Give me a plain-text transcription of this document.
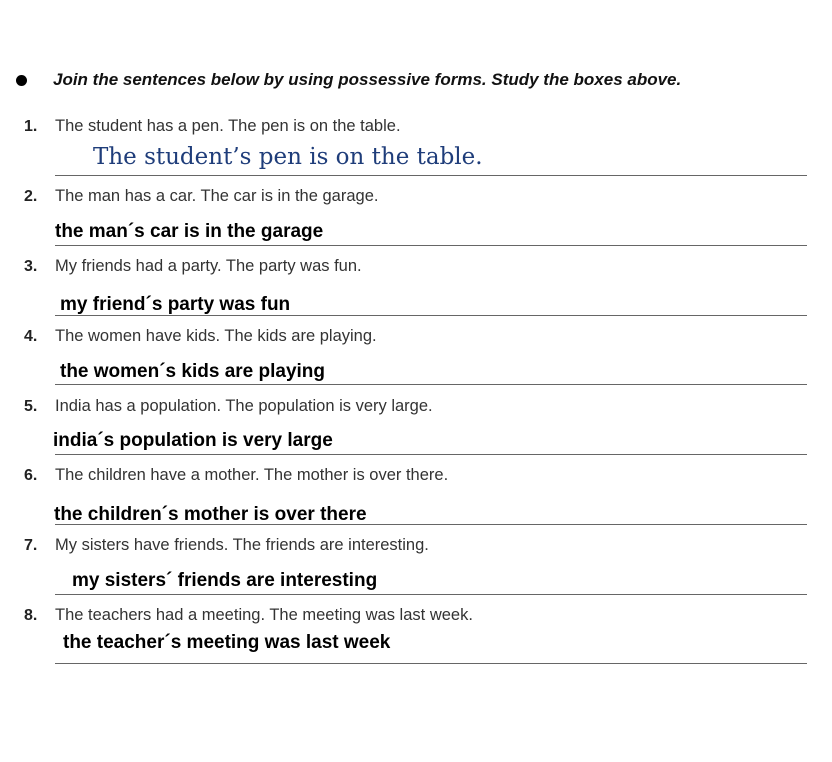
Join the sentences below by using possessive forms. Study the boxes above.
1. The student has a pen. The pen is on the table.
The student’s pen is on the table.
2. The man has a car. The car is in the garage.
the man´s car is in the garage
3. My friends had a party. The party was fun.
my friend´s party was fun
4. The women have kids. The kids are playing.
the women´s kids are playing
5. India has a population. The population is very large.
india´s population is very large
6. The children have a mother. The mother is over there.
the children´s mother is over there
7. My sisters have friends. The friends are interesting.
my sisters´ friends are interesting
8. The teachers had a meeting. The meeting was last week.
the teacher´s meeting was last week
